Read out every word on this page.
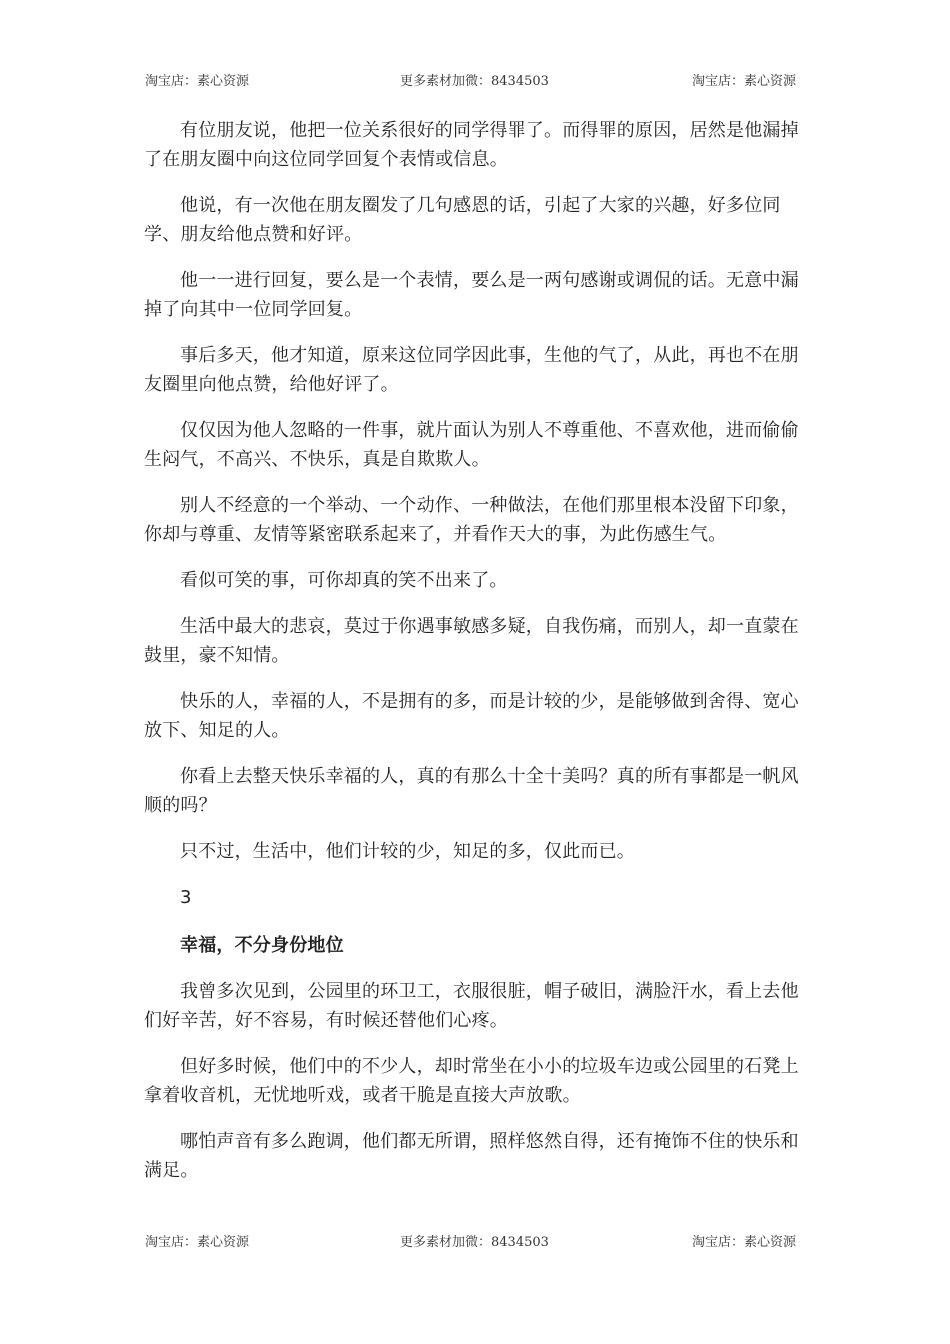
淘宝店：素心资源	更多素材加微：8434503	淘宝店：素心资源

有位朋友说，他把一位关系很好的同学得罪了。而得罪的原因，居然是他漏掉了在朋友圈中向这位同学回复个表情或信息。

他说，有一次他在朋友圈发了几句感恩的话，引起了大家的兴趣，好多位同学、朋友给他点赞和好评。

他一一进行回复，要么是一个表情，要么是一两句感谢或调侃的话。无意中漏掉了向其中一位同学回复。

事后多天，他才知道，原来这位同学因此事，生他的气了，从此，再也不在朋友圈里向他点赞，给他好评了。

仅仅因为他人忽略的一件事，就片面认为别人不尊重他、不喜欢他，进而偷偷生闷气，不高兴、不快乐，真是自欺欺人。

别人不经意的一个举动、一个动作、一种做法，在他们那里根本没留下印象，你却与尊重、友情等紧密联系起来了，并看作天大的事，为此伤感生气。

看似可笑的事，可你却真的笑不出来了。

生活中最大的悲哀，莫过于你遇事敏感多疑，自我伤痛，而别人，却一直蒙在鼓里，豪不知情。

快乐的人，幸福的人，不是拥有的多，而是计较的少，是能够做到舍得、宽心放下、知足的人。

你看上去整天快乐幸福的人，真的有那么十全十美吗？真的所有事都是一帆风顺的吗？

只不过，生活中，他们计较的少，知足的多，仅此而已。

3

幸福，不分身份地位

我曾多次见到，公园里的环卫工，衣服很脏，帽子破旧，满脸汗水，看上去他们好辛苦，好不容易，有时候还替他们心疼。

但好多时候，他们中的不少人，却时常坐在小小的垃圾车边或公园里的石凳上拿着收音机，无忧地听戏，或者干脆是直接大声放歌。

哪怕声音有多么跑调，他们都无所谓，照样悠然自得，还有掩饰不住的快乐和满足。

淘宝店：素心资源	更多素材加微：8434503	淘宝店：素心资源
